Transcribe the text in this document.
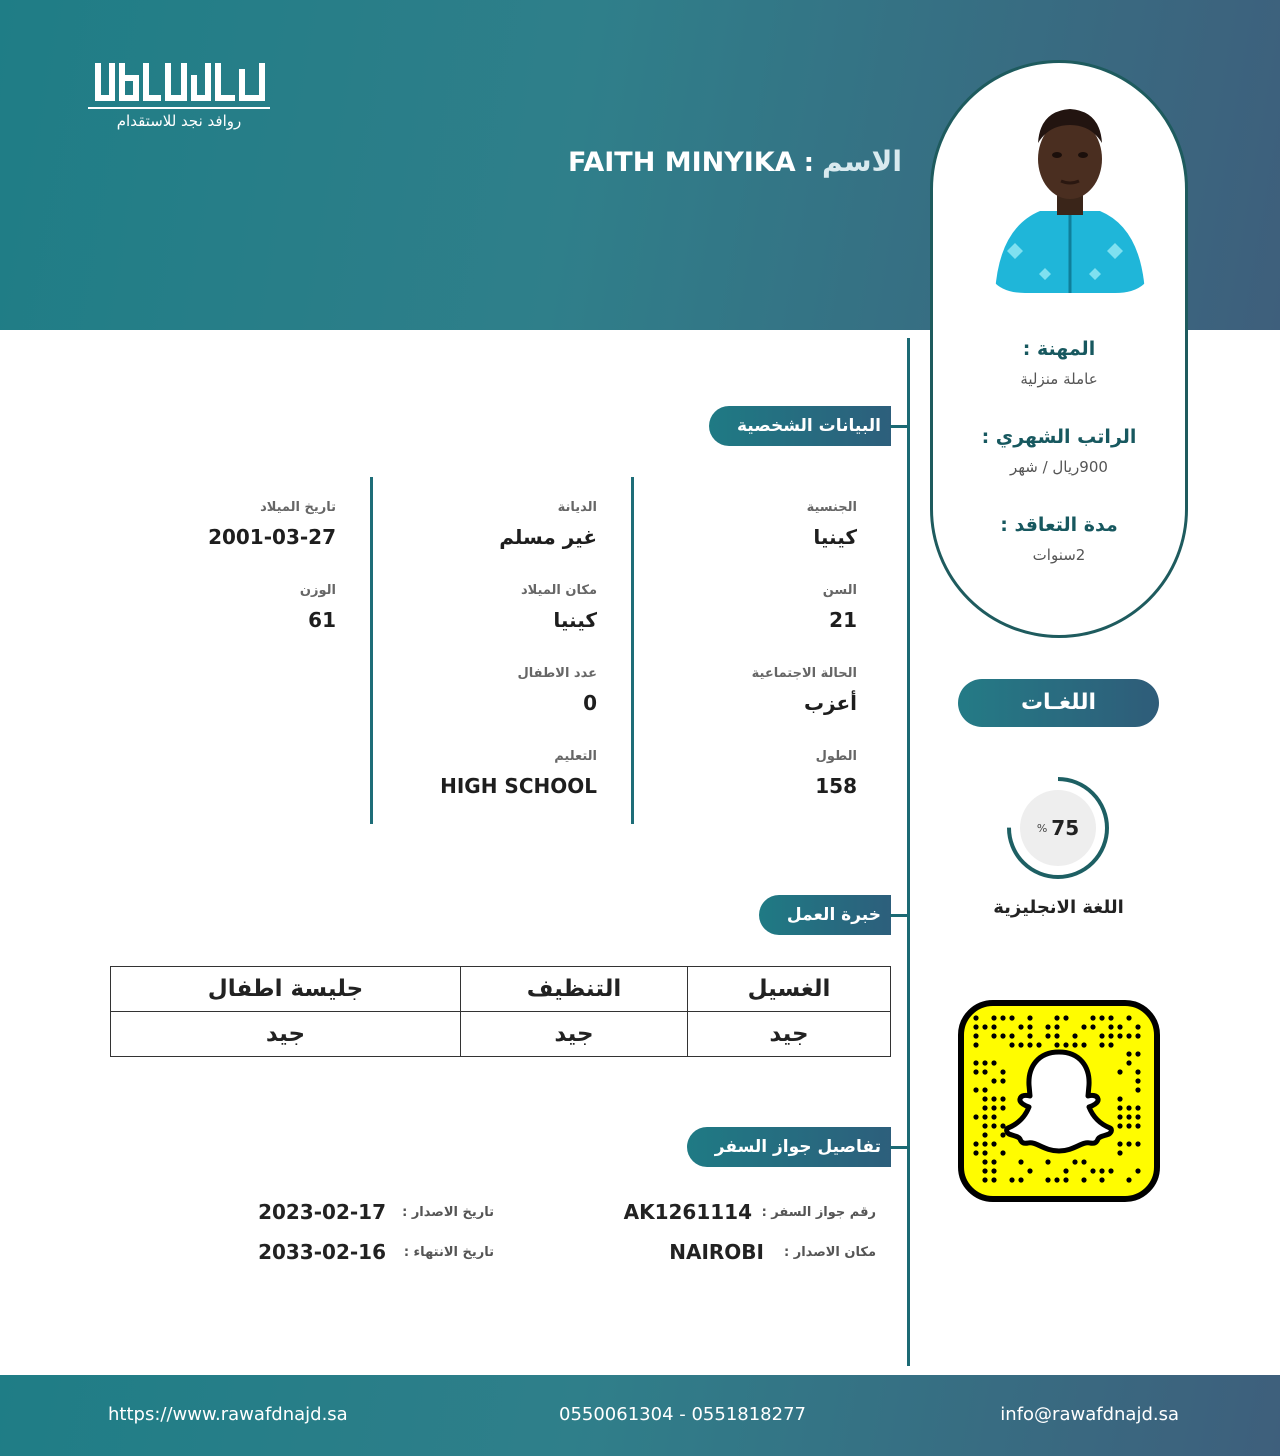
روافد نجد للاستقدام
الاسم:FAITH MINYIKA
المهنة :
عاملة منزلية
الراتب الشهري :
900ريال / شهر
مدة التعاقد :
2سنوات
البيانات الشخصية
الجنسية
كينيا
السن
21
الحالة الاجتماعية
أعزب
الطول
158
الديانة
غير مسلم
مكان الميلاد
كينيا
عدد الاطفال
0
التعليم
HIGH SCHOOL
تاريخ الميلاد
2001-03-27
الوزن
61
خبرة العمل
الغسيل	التنظيف	جليسة اطفال
جيد	جيد	جيد
تفاصيل جواز السفر
رقم جواز السفر :
AK1261114
تاريخ الاصدار :
2023-02-17
مكان الاصدار :
NAIROBI
تاريخ الانتهاء :
2033-02-16
اللغـات
% 75
اللغة الانجليزية
https://www.rawafdnajd.sa	0550061304 - 0551818277	info@rawafdnajd.sa
